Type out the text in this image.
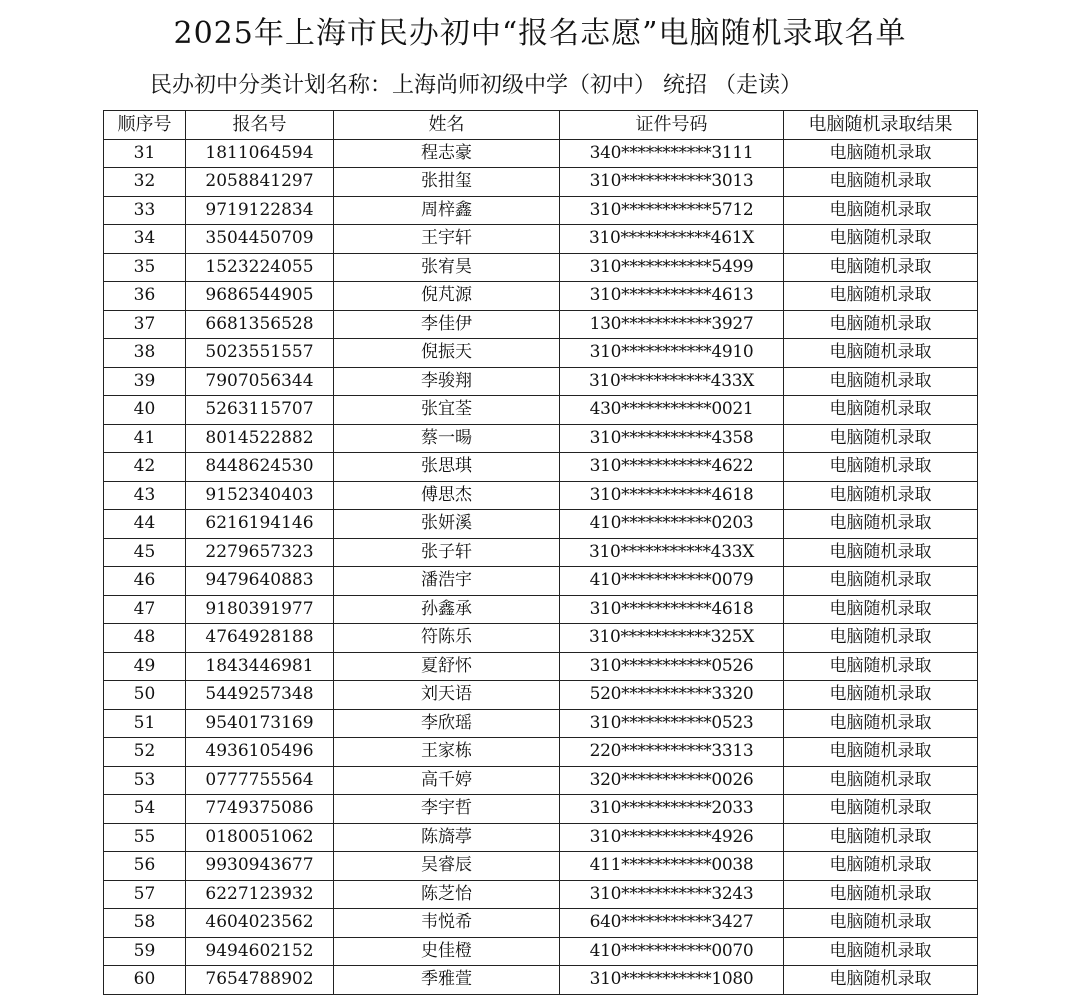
2025年上海市民办初中“报名志愿”电脑随机录取名单
民办初中分类计划名称：上海尚师初级中学（初中） 统招 （走读）
顺序号	报名号	姓名	证件号码	电脑随机录取结果
31	1811064594	程志豪	340***********3111	电脑随机录取
32	2058841297	张拑玺	310***********3013	电脑随机录取
33	9719122834	周梓鑫	310***********5712	电脑随机录取
34	3504450709	王宇轩	310***********461X	电脑随机录取
35	1523224055	张宥昊	310***********5499	电脑随机录取
36	9686544905	倪芃源	310***********4613	电脑随机录取
37	6681356528	李佳伊	130***********3927	电脑随机录取
38	5023551557	倪振天	310***********4910	电脑随机录取
39	7907056344	李骏翔	310***********433X	电脑随机录取
40	5263115707	张宜荃	430***********0021	电脑随机录取
41	8014522882	蔡一暘	310***********4358	电脑随机录取
42	8448624530	张思琪	310***********4622	电脑随机录取
43	9152340403	傅思杰	310***********4618	电脑随机录取
44	6216194146	张妍溪	410***********0203	电脑随机录取
45	2279657323	张子轩	310***********433X	电脑随机录取
46	9479640883	潘浩宇	410***********0079	电脑随机录取
47	9180391977	孙鑫承	310***********4618	电脑随机录取
48	4764928188	符陈乐	310***********325X	电脑随机录取
49	1843446981	夏舒怀	310***********0526	电脑随机录取
50	5449257348	刘天语	520***********3320	电脑随机录取
51	9540173169	李欣瑶	310***********0523	电脑随机录取
52	4936105496	王家栋	220***********3313	电脑随机录取
53	0777755564	高千婷	320***********0026	电脑随机录取
54	7749375086	李宇哲	310***********2033	电脑随机录取
55	0180051062	陈旖葶	310***********4926	电脑随机录取
56	9930943677	吴睿辰	411***********0038	电脑随机录取
57	6227123932	陈芝怡	310***********3243	电脑随机录取
58	4604023562	韦悦希	640***********3427	电脑随机录取
59	9494602152	史佳橙	410***********0070	电脑随机录取
60	7654788902	季雅萱	310***********1080	电脑随机录取
